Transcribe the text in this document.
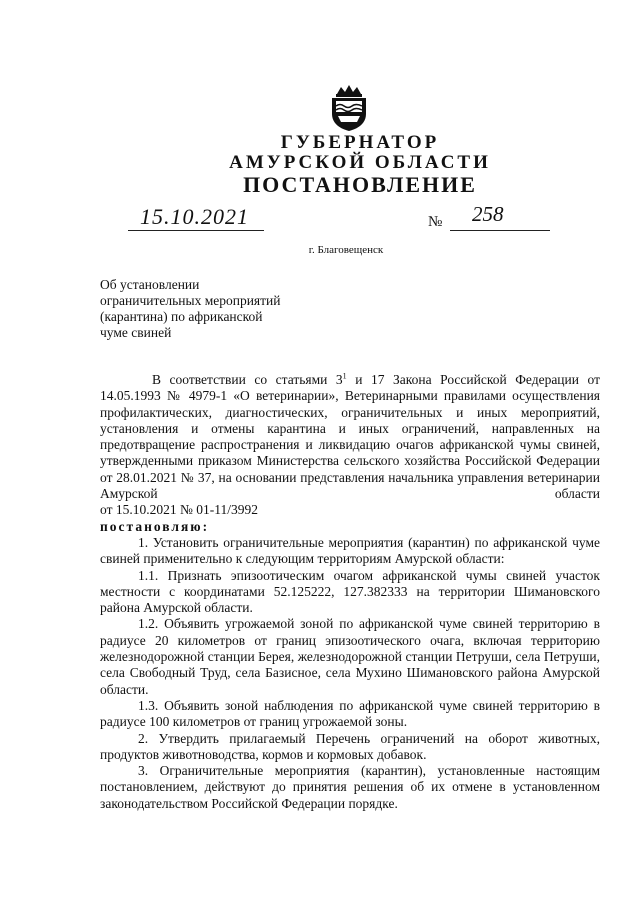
ГУБЕРНАТОР
АМУРСКОЙ ОБЛАСТИ
ПОСТАНОВЛЕНИЕ
15.10.2021	№ 258
г. Благовещенск
Об установлении
ограничительных мероприятий
(карантина) по африканской
чуме свиней

В соответствии со статьями $3^1$ и 17 Закона Российской Федерации от 14.05.1993 № 4979-1 «О ветеринарии», Ветеринарными правилами осуществления профилактических, диагностических, ограничительных и иных мероприятий, установления и отмены карантина и иных ограничений, направленных на предотвращение распространения и ликвидацию очагов африканской чумы свиней, утвержденными приказом Министерства сельского хозяйства Российской Федерации от 28.01.2021 № 37, на основании представления начальника управления ветеринарии Амурской области

от 15.10.2021 № 01-11/3992

постановляю:

1. Установить ограничительные мероприятия (карантин) по африканской чуме свиней применительно к следующим территориям Амурской области:

1.1. Признать эпизоотическим очагом африканской чумы свиней участок местности с координатами 52.125222, 127.382333 на территории Шимановского района Амурской области.

1.2. Объявить угрожаемой зоной по африканской чуме свиней территорию в радиусе 20 километров от границ эпизоотического очага, включая территорию железнодорожной станции Берея, железнодорожной станции Петруши, села Петруши, села Свободный Труд, села Базисное, села Мухино Шимановского района Амурской области.

1.3. Объявить зоной наблюдения по африканской чуме свиней территорию в радиусе 100 километров от границ угрожаемой зоны.

2. Утвердить прилагаемый Перечень ограничений на оборот животных, продуктов животноводства, кормов и кормовых добавок.

3. Ограничительные мероприятия (карантин), установленные настоящим постановлением, действуют до принятия решения об их отмене в установленном законодательством Российской Федерации порядке.
